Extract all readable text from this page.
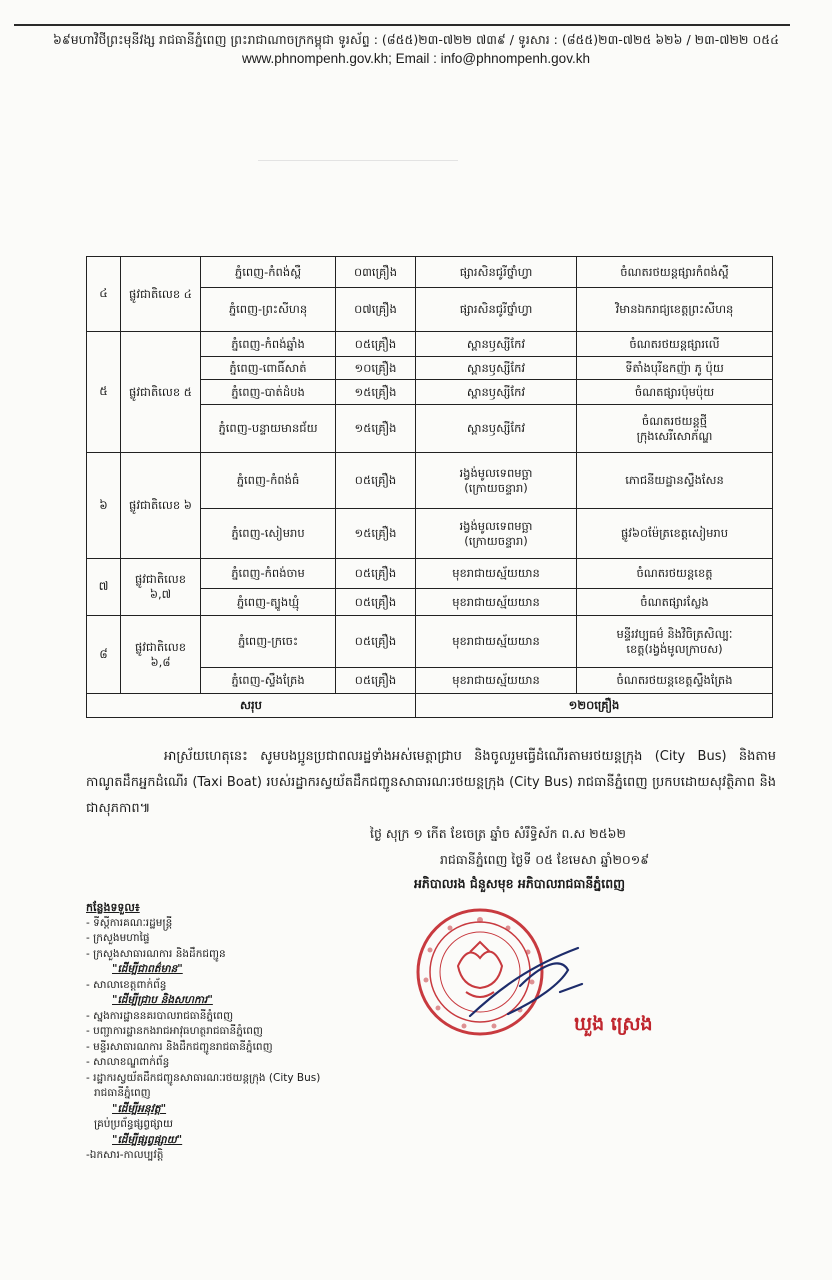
៦៩មហាវិថីព្រះមុនីវង្ស រាជធានីភ្នំពេញ ព្រះរាជាណាចក្រកម្ពុជា ទូរស័ព្ទ : (៨៥៥)២៣-៧២២ ៧៣៩ / ទូរសារ : (៨៥៥)២៣-៧២៥ ៦២៦ / ២៣-៧២២ ០៥៤
www.phnompenh.gov.kh; Email : info@phnompenh.gov.kh
៤	ផ្លូវជាតិលេខ ៤	ភ្នំពេញ-កំពង់ស្ពឺ	០៣គ្រឿង	ផ្សារសិនជូរីថ្នាំហ្វា	ចំណតរថយន្តផ្សារកំពង់ស្ពឺ
		ភ្នំពេញ-ព្រះសីហនុ	០៧គ្រឿង	ផ្សារសិនជូរីថ្នាំហ្វា	វិមានឯករាជ្យខេត្តព្រះសីហនុ
៥	ផ្លូវជាតិលេខ ៥	ភ្នំពេញ-កំពង់ឆ្នាំង	០៥គ្រឿង	ស្ពានឫស្សីកែវ	ចំណតរថយន្តផ្សារលើ
		ភ្នំពេញ-ពោធិ៍សាត់	១០គ្រឿង	ស្ពានឫស្សីកែវ	ទីតាំងបុរីឧកញ៉ា ភូ ប៉ុយ
		ភ្នំពេញ-បាត់ដំបង	១៥គ្រឿង	ស្ពានឫស្សីកែវ	ចំណតផ្សារប៉ុមប៉ុយ
		ភ្នំពេញ-បន្ទាយមានជ័យ	១៥គ្រឿង	ស្ពានឫស្សីកែវ	ចំណតរថយន្តថ្មី
ក្រុងសេរីសោភ័ណ្ឌ
៦	ផ្លូវជាតិលេខ ៦	ភ្នំពេញ-កំពង់ធំ	០៥គ្រឿង	រង្វង់មូលទេពមច្ឆា
(ក្រោយចន្ទារា)	ភោជនីយដ្ឋានស្ទឹងសែន
		ភ្នំពេញ-សៀមរាប	១៥គ្រឿង	រង្វង់មូលទេពមច្ឆា
(ក្រោយចន្ទារា)	ផ្លូវ៦០ម៉ែត្រខេត្តសៀមរាប
៧	ផ្លូវជាតិលេខ ៦,៧	ភ្នំពេញ-កំពង់ចាម	០៥គ្រឿង	មុខរាជាយស្ម័យយាន	ចំណតរថយន្តខេត្ត
		ភ្នំពេញ-ត្បូងឃ្មុំ	០៥គ្រឿង	មុខរាជាយស្ម័យយាន	ចំណតផ្សារស្លែង
៨	ផ្លូវជាតិលេខ ៦,៨	ភ្នំពេញ-ក្រចេះ	០៥គ្រឿង	មុខរាជាយស្ម័យយាន	មន្ទីរវប្បធម៌ និងវិចិត្រសិល្បៈ
ខេត្ត(រង្វង់មូលក្រាបស)
		ភ្នំពេញ-ស្ទឹងត្រែង	០៥គ្រឿង	មុខរាជាយស្ម័យយាន	ចំណតរថយន្តខេត្តស្ទឹងត្រែង
សរុប				១២០គ្រឿង	
អាស្រ័យហេតុនេះ សូមបងប្អូនប្រជាពលរដ្ឋទាំងអស់មេត្តាជ្រាប និងចូលរួមធ្វើដំណើរតាមរថយន្តក្រុង (City Bus) និងតាមកាណូតដឹកអ្នកដំណើរ (Taxi Boat) របស់រដ្ឋាករស្វយ័តដឹកជញ្ជូនសាធារណៈរថយន្តក្រុង (City Bus) រាជធានីភ្នំពេញ ប្រកបដោយសុវត្ថិភាព និងជាសុភកាព៕
ថ្ងៃ សុក្រ ១ កើត ខែចេត្រ ឆ្នាំច សំរឹទ្ធិស័ក ព.ស ២៥៦២
រាជធានីភ្នំពេញ ថ្ងៃទី ០៥ ខែមេសា ឆ្នាំ២០១៩
អភិបាលរង ជំនួសមុខ អភិបាលរាជធានីភ្នំពេញ
ឃួង ស្រេង
កន្លែងទទួល៖
- ទីស្តីការគណៈរដ្ឋមន្ត្រី
- ក្រសួងមហាផ្ទៃ
- ក្រសួងសាធារណការ និងដឹកជញ្ជូន
"ដើម្បីជាពត៌មាន"
- សាលាខេត្តពាក់ព័ន្ធ
"ដើម្បីជ្រាប និងសហការ"
- ស្នងការដ្ឋាននគរបាលរាជធានីភ្នំពេញ
- បញ្ជាការដ្ឋានកងរាជអាវុធហត្ថរាជធានីភ្នំពេញ
- មន្ទីរសាធារណការ និងដឹកជញ្ជូនរាជធានីភ្នំពេញ
- សាលាខណ្ឌពាក់ព័ន្ធ
- រដ្ឋាករស្វយ័តដឹកជញ្ជូនសាធារណៈរថយន្តក្រុង (City Bus)
រាជធានីភ្នំពេញ
"ដើម្បីអនុវត្ត"
គ្រប់ប្រព័ន្ធផ្សព្វផ្សាយ
"ដើម្បីផ្សព្វផ្សាយ"
-ឯកសារ-កាលប្បវត្តិ
